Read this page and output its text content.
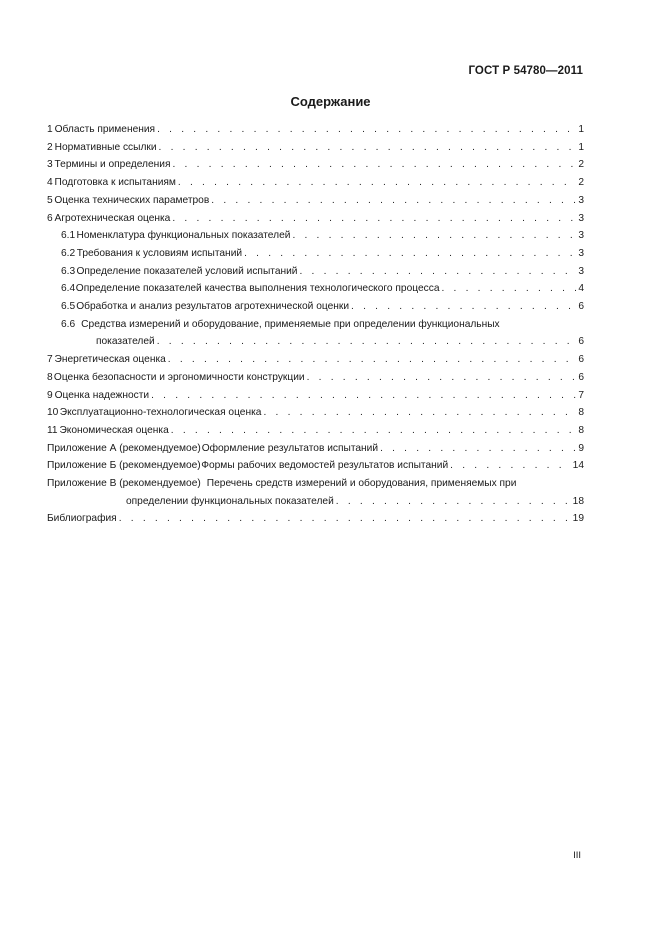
ГОСТ Р 54780—2011
Содержание
1 Область применения . . .	1
2 Нормативные ссылки . . .	1
3 Термины и определения . . .	2
4 Подготовка к испытаниям . . .	2
5 Оценка технических параметров . . .	3
6 Агротехническая оценка . . .	3
6.1 Номенклатура функциональных показателей . . .	3
6.2 Требования к условиям испытаний . . .	3
6.3 Определение показателей условий испытаний . . .	3
6.4 Определение показателей качества выполнения технологического процесса . . .	4
6.5 Обработка и анализ результатов агротехнической оценки . . .	6
6.6 Средства измерений и оборудование, применяемые при определении функциональных
показателей . . .	6
7 Энергетическая оценка . . .	6
8 Оценка безопасности и эргономичности конструкции . . .	6
9 Оценка надежности . . .	7
10 Эксплуатационно-технологическая оценка . . .	8
11 Экономическая оценка . . .	8
Приложение А (рекомендуемое) Оформление результатов испытаний . . .	9
Приложение Б (рекомендуемое) Формы рабочих ведомостей результатов испытаний . . .	14
Приложение В (рекомендуемое) Перечень средств измерений и оборудования, применяемых при
определении функциональных показателей . . .	18
Библиография . . .	19
III
